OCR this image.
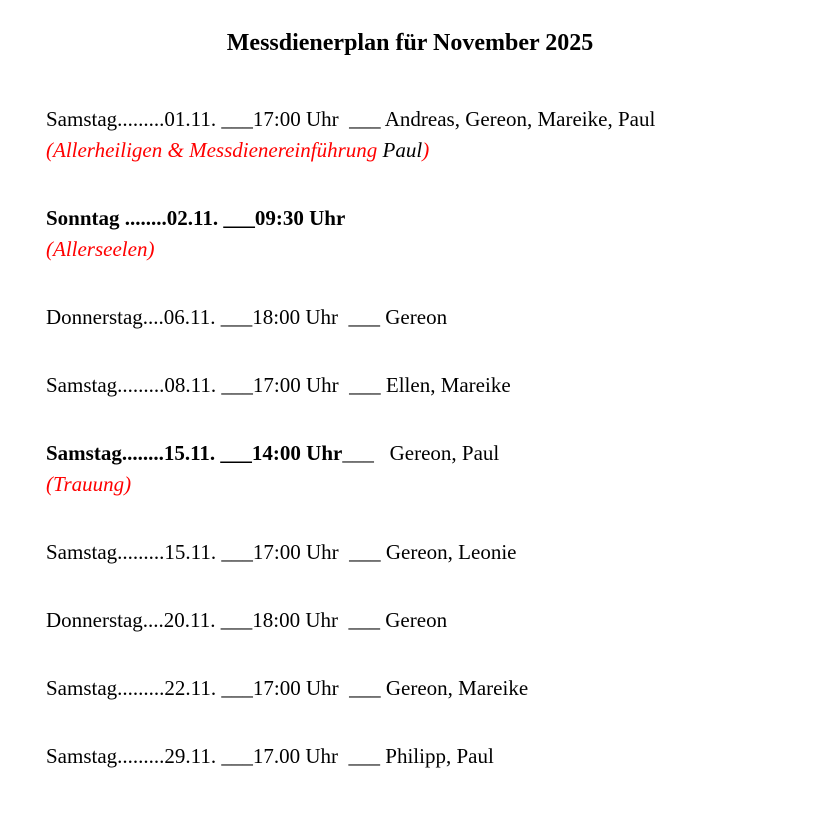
Messdienerplan für November 2025

Samstag.........01.11. ___17:00 Uhr  ___ Andreas, Gereon, Mareike, Paul

(Allerheiligen & Messdienereinführung Paul)

Sonntag ........02.11. ___09:30 Uhr

(Allerseelen)

Donnerstag....06.11. ___18:00 Uhr  ___ Gereon

Samstag.........08.11. ___17:00 Uhr  ___ Ellen, Mareike

Samstag........15.11. ___14:00 Uhr___   Gereon, Paul

(Trauung)

Samstag.........15.11. ___17:00 Uhr  ___ Gereon, Leonie

Donnerstag....20.11. ___18:00 Uhr  ___ Gereon

Samstag.........22.11. ___17:00 Uhr  ___ Gereon, Mareike

Samstag.........29.11. ___17.00 Uhr  ___ Philipp, Paul
